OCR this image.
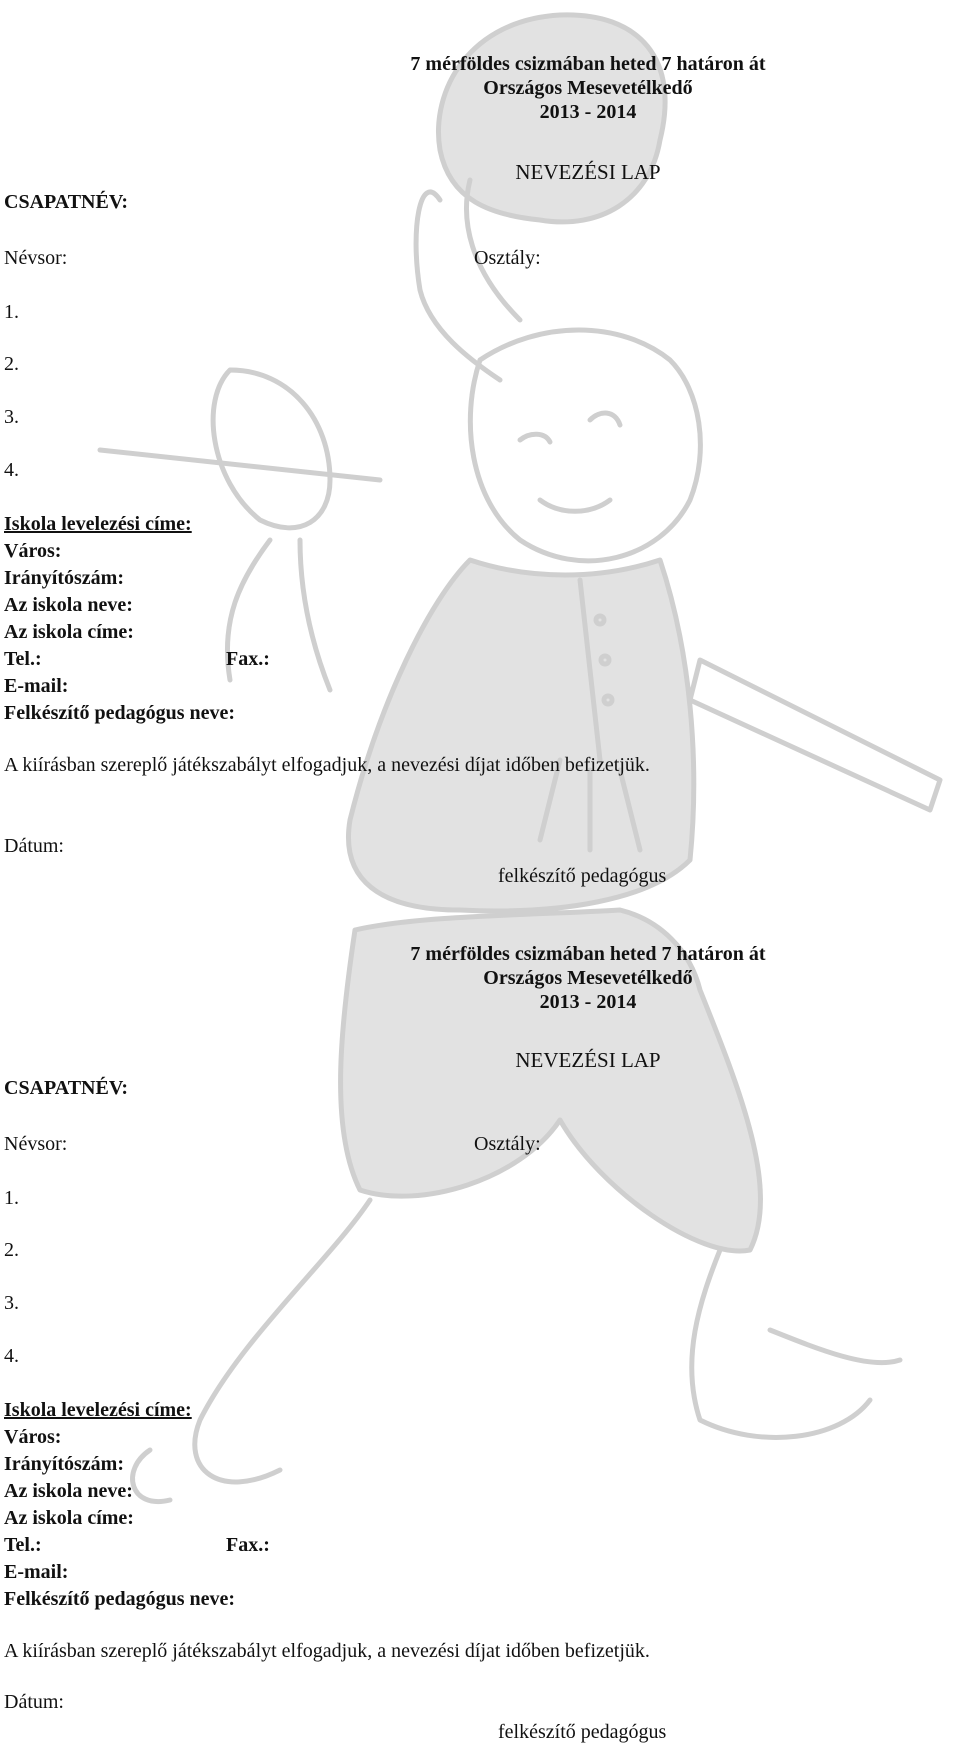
7 mérföldes csizmában heted 7 határon át
Országos Mesevetélkedő
2013 - 2014
NEVEZÉSI LAP
CSAPATNÉV:
Névsor:	Osztály:
1.
2.
3.
4.
Iskola levelezési címe:
Város:
Irányítószám:
Az iskola neve:
Az iskola címe:
Tel.:	Fax.:
E-mail:
Felkészítő pedagógus neve:
A kiírásban szereplő játékszabályt elfogadjuk, a nevezési díjat időben befizetjük.
Dátum:
felkészítő pedagógus
7 mérföldes csizmában heted 7 határon át
Országos Mesevetélkedő
2013 - 2014
NEVEZÉSI LAP
CSAPATNÉV:
Névsor:	Osztály:
1.
2.
3.
4.
Iskola levelezési címe:
Város:
Irányítószám:
Az iskola neve:
Az iskola címe:
Tel.:	Fax.:
E-mail:
Felkészítő pedagógus neve:
A kiírásban szereplő játékszabályt elfogadjuk, a nevezési díjat időben befizetjük.
Dátum:
felkészítő pedagógus
